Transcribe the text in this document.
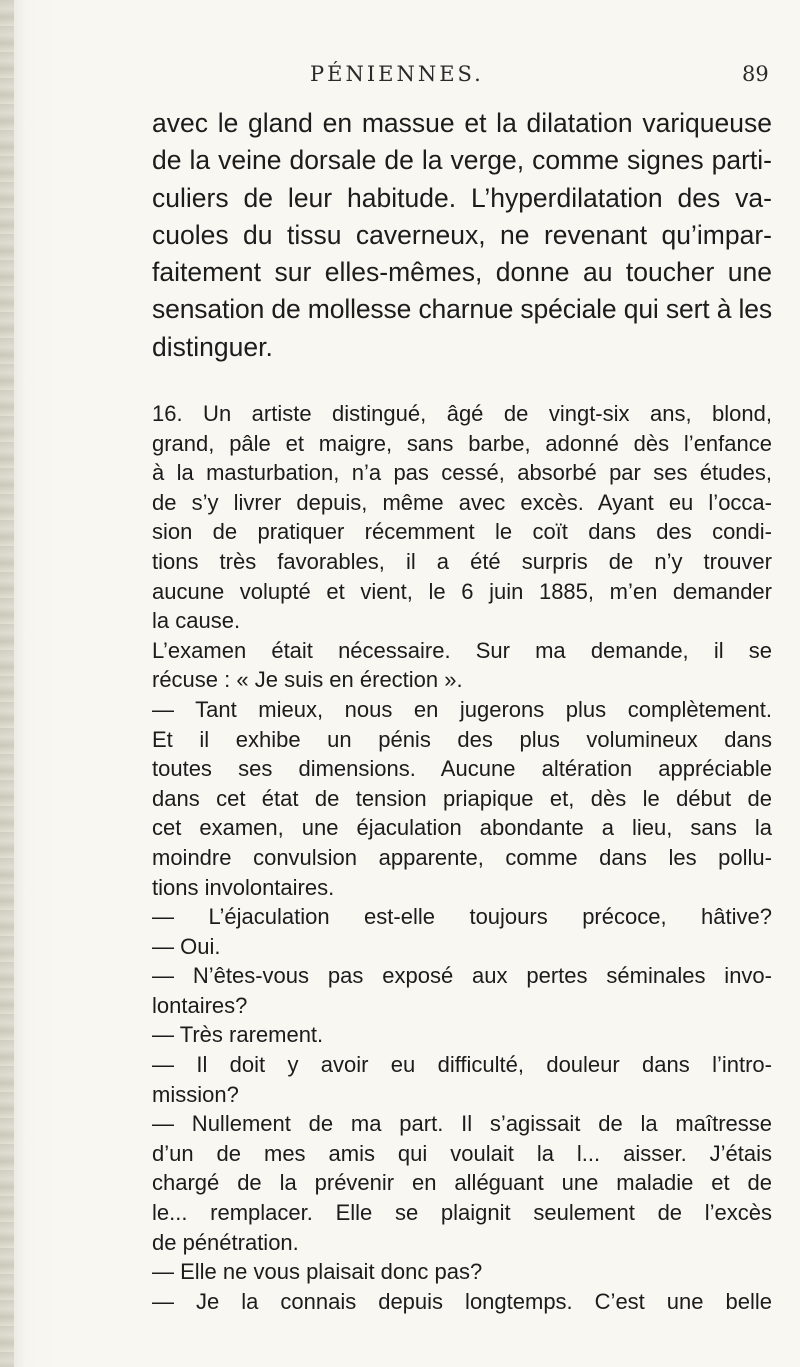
PÉNIENNES.	89
avec le gland en massue et la dilatation variqueuse
de la veine dorsale de la verge, comme signes parti-
culiers de leur habitude. L’hyperdilatation des va-
cuoles du tissu caverneux, ne revenant qu’impar-
faitement sur elles-mêmes, donne au toucher une
sensation de mollesse charnue spéciale qui sert à les
distinguer.
16. Un artiste distingué, âgé de vingt-six ans, blond,
grand, pâle et maigre, sans barbe, adonné dès l’enfance
à la masturbation, n’a pas cessé, absorbé par ses études,
de s’y livrer depuis, même avec excès. Ayant eu l’occa-
sion de pratiquer récemment le coït dans des condi-
tions très favorables, il a été surpris de n’y trouver
aucune volupté et vient, le 6 juin 1885, m’en demander
la cause.
L’examen était nécessaire. Sur ma demande, il se
récuse : « Je suis en érection ».
— Tant mieux, nous en jugerons plus complètement.
Et il exhibe un pénis des plus volumineux dans
toutes ses dimensions. Aucune altération appréciable
dans cet état de tension priapique et, dès le début de
cet examen, une éjaculation abondante a lieu, sans la
moindre convulsion apparente, comme dans les pollu-
tions involontaires.
— L’éjaculation est-elle toujours précoce, hâtive?
— Oui.
— N’êtes-vous pas exposé aux pertes séminales invo-
lontaires?
— Très rarement.
— Il doit y avoir eu difficulté, douleur dans l’intro-
mission?
— Nullement de ma part. Il s’agissait de la maîtresse
d’un de mes amis qui voulait la l... aisser. J’étais
chargé de la prévenir en alléguant une maladie et de
le... remplacer. Elle se plaignit seulement de l’excès
de pénétration.
— Elle ne vous plaisait donc pas?
— Je la connais depuis longtemps. C’est une belle
